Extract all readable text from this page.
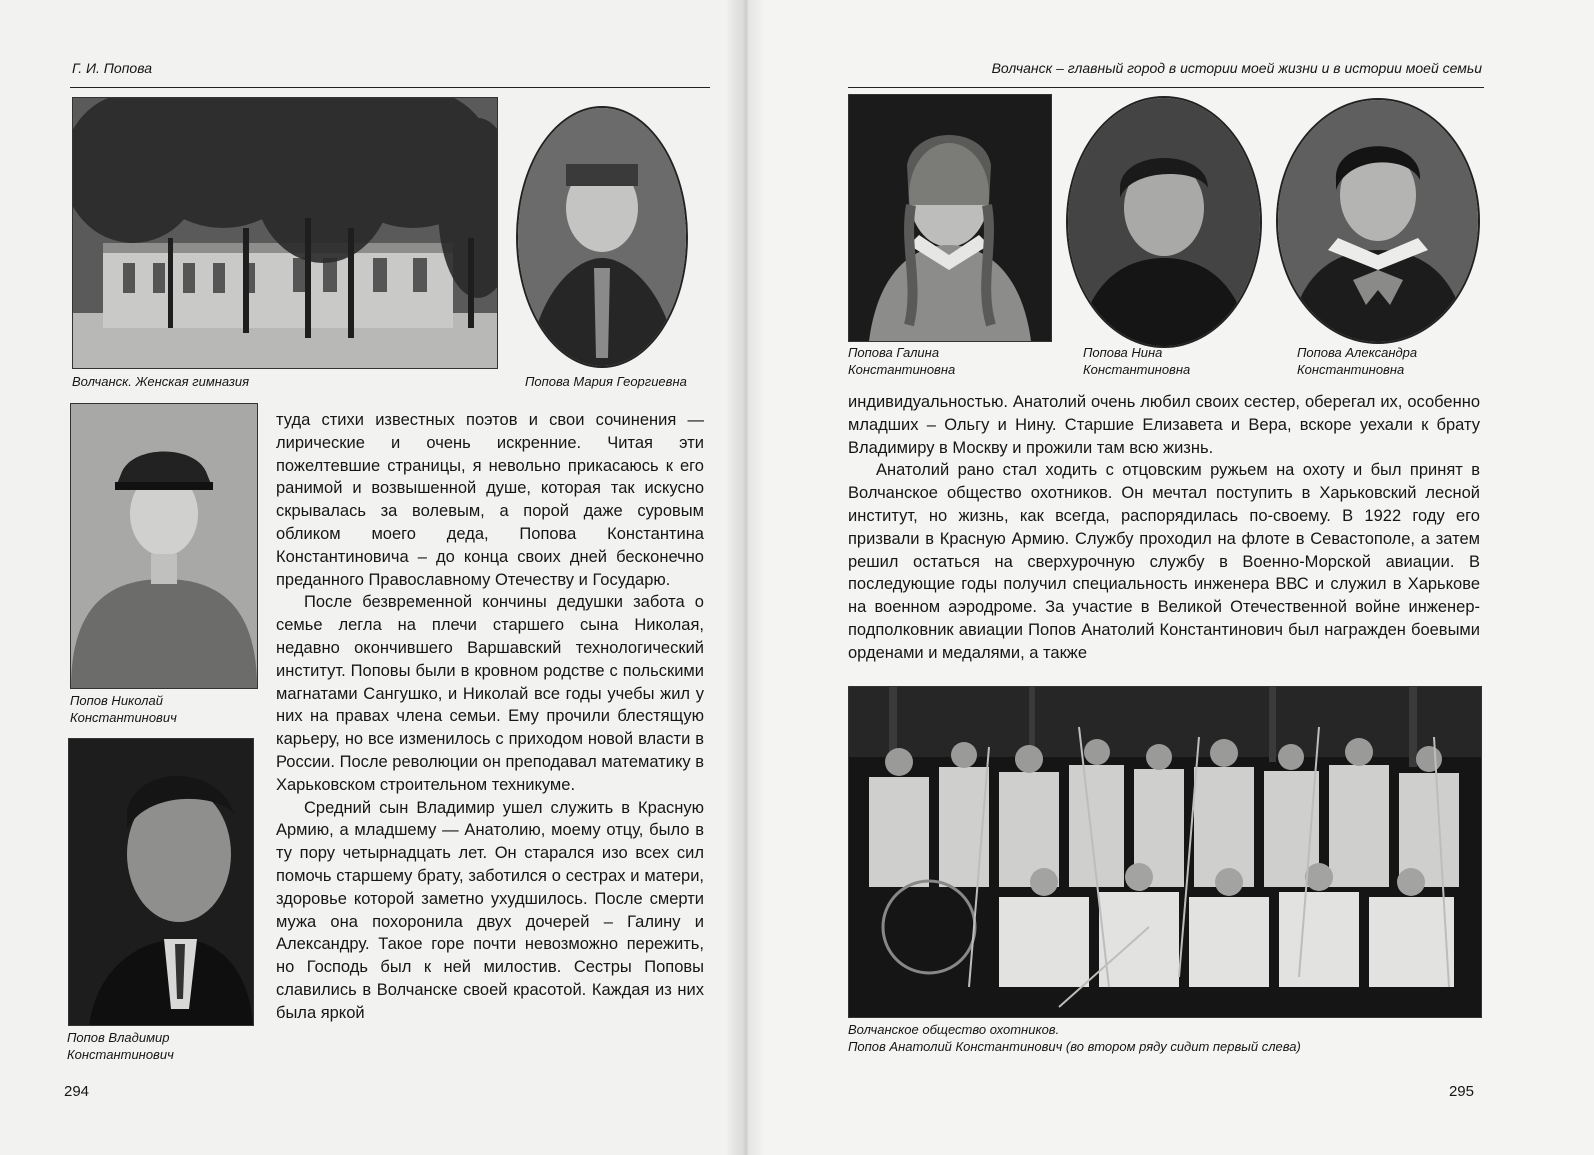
Г. И. Попова
Волчанск. Женская гимназия	Попова Мария Георгиевна
Попов Николай
Константинович
Попов Владимир
Константинович

туда стихи известных поэтов и свои сочинения — лирические и очень искренние. Читая эти пожелтевшие страницы, я невольно прикасаюсь к его ранимой и возвышенной душе, которая так искусно скрывалась за волевым, а порой даже суровым обликом моего деда, Попова Константина Константиновича – до конца своих дней бесконечно преданного Православному Отечеству и Государю.

После безвременной кончины дедушки забота о семье легла на плечи старшего сына Николая, недавно окончившего Варшавский технологический институт. Поповы были в кровном родстве с польскими магнатами Сангушко, и Николай все годы учебы жил у них на правах члена семьи. Ему прочили блестящую карьеру, но все изменилось с приходом новой власти в России. После революции он преподавал математику в Харьковском строительном техникуме.

Средний сын Владимир ушел служить в Красную Армию, а младшему — Анатолию, моему отцу, было в ту пору четырнадцать лет. Он старался изо всех сил помочь старшему брату, заботился о сестрах и матери, здоровье которой заметно ухудшилось. После смерти мужа она похоронила двух дочерей – Галину и Александру. Такое горе почти невозможно пережить, но Господь был к ней милостив. Сестры Поповы славились в Волчанске своей красотой. Каждая из них была яркой

294
Волчанск – главный город в истории моей жизни и в истории моей семьи
Попова Галина
Константиновна
Попова Нина
Константиновна
Попова Александра
Константиновна

индивидуальностью. Анатолий очень любил своих сестер, оберегал их, особенно младших – Ольгу и Нину. Старшие Елизавета и Вера, вскоре уехали к брату Владимиру в Москву и прожили там всю жизнь.

Анатолий рано стал ходить с отцовским ружьем на охоту и был принят в Волчанское общество охотников. Он мечтал поступить в Харьковский лесной институт, но жизнь, как всегда, распорядилась по-своему. В 1922 году его призвали в Красную Армию. Службу проходил на флоте в Севастополе, а затем решил остаться на сверхурочную службу в Военно-Морской авиации. В последующие годы получил специальность инженера ВВС и служил в Харькове на военном аэродроме. За участие в Великой Отечественной войне инженер-подполковник авиации Попов Анатолий Константинович был награжден боевыми орденами и медалями, а также

Волчанское общество охотников.
Попов Анатолий Константинович (во втором ряду сидит первый слева)
295
